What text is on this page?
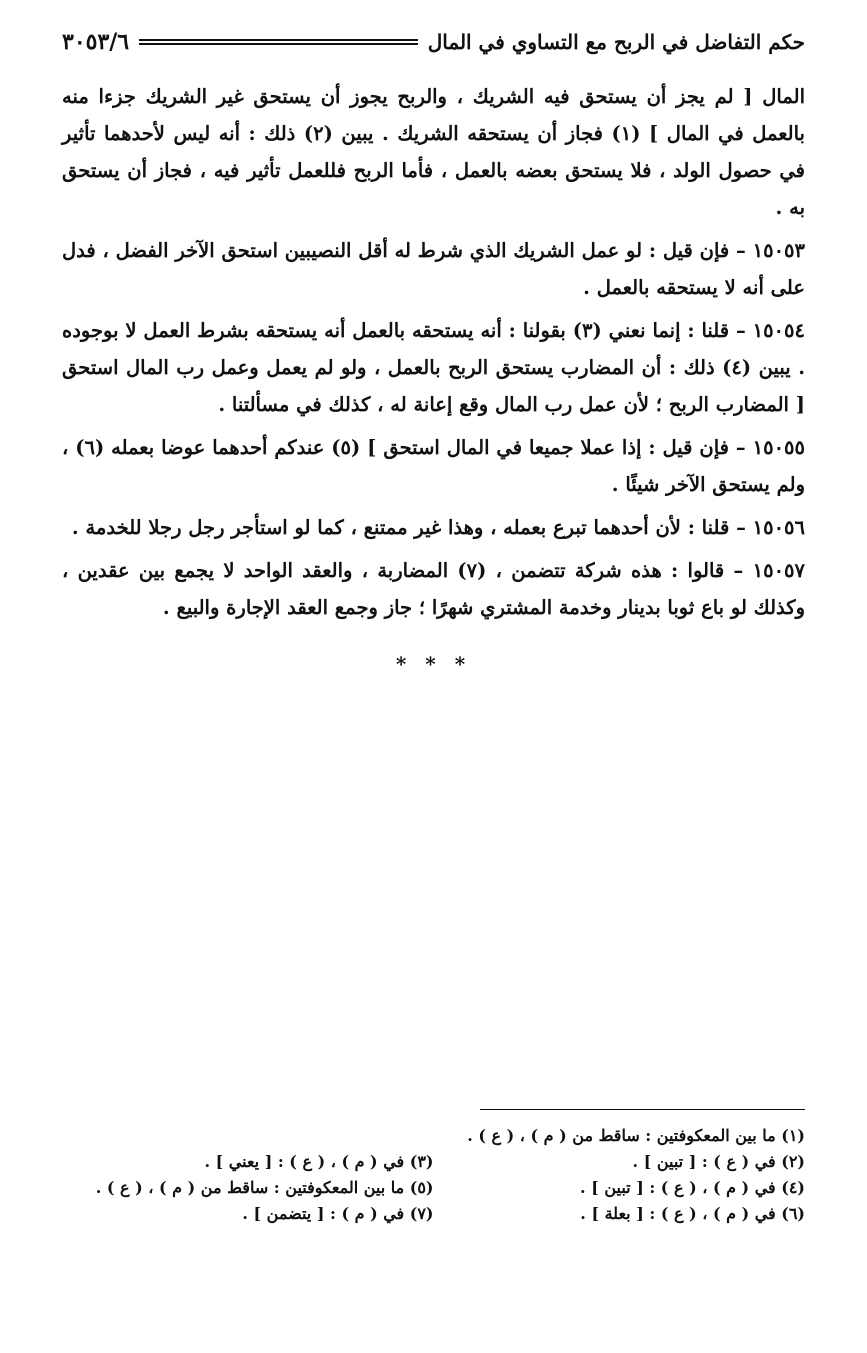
حكم التفاضل في الربح مع التساوي في المال
٣٠٥٣/٦

المال [ لم يجز أن يستحق فيه الشريك ، والربح يجوز أن يستحق غير الشريك جزءا منه بالعمل في المال ] (١) فجاز أن يستحقه الشريك . يبين (٢) ذلك : أنه ليس لأحدهما تأثير في حصول الولد ، فلا يستحق بعضه بالعمل ، فأما الربح فللعمل تأثير فيه ، فجاز أن يستحق به .

١٥٠٥٣ – فإن قيل : لو عمل الشريك الذي شرط له أقل النصيبين استحق الآخر الفضل ، فدل على أنه لا يستحقه بالعمل .

١٥٠٥٤ – قلنا : إنما نعني (٣) بقولنا : أنه يستحقه بالعمل أنه يستحقه بشرط العمل لا بوجوده . يبين (٤) ذلك : أن المضارب يستحق الربح بالعمل ، ولو لم يعمل وعمل رب المال استحق [ المضارب الربح ؛ لأن عمل رب المال وقع إعانة له ، كذلك في مسألتنا .

١٥٠٥٥ – فإن قيل : إذا عملا جميعا في المال استحق ] (٥) عندكم أحدهما عوضا بعمله (٦) ، ولم يستحق الآخر شيئًا .

١٥٠٥٦ – قلنا : لأن أحدهما تبرع بعمله ، وهذا غير ممتنع ، كما لو استأجر رجل رجلا للخدمة .

١٥٠٥٧ – قالوا : هذه شركة تتضمن ، (٧) المضاربة ، والعقد الواحد لا يجمع بين عقدين ، وكذلك لو باع ثوبا بدينار وخدمة المشتري شهرًا ؛ جاز وجمع العقد الإجارة والبيع .

* * *
(١) ما بين المعكوفتين : ساقط من ( م ) ، ( ع ) .
(٢) في ( ع ) : [ تبين ] .
(٣) في ( م ) ، ( ع ) : [ يعني ] .
(٤) في ( م ) ، ( ع ) : [ تبين ] .
(٥) ما بين المعكوفتين : ساقط من ( م ) ، ( ع ) .
(٦) في ( م ) ، ( ع ) : [ بعلة ] .
(٧) في ( م ) : [ يتضمن ] .
